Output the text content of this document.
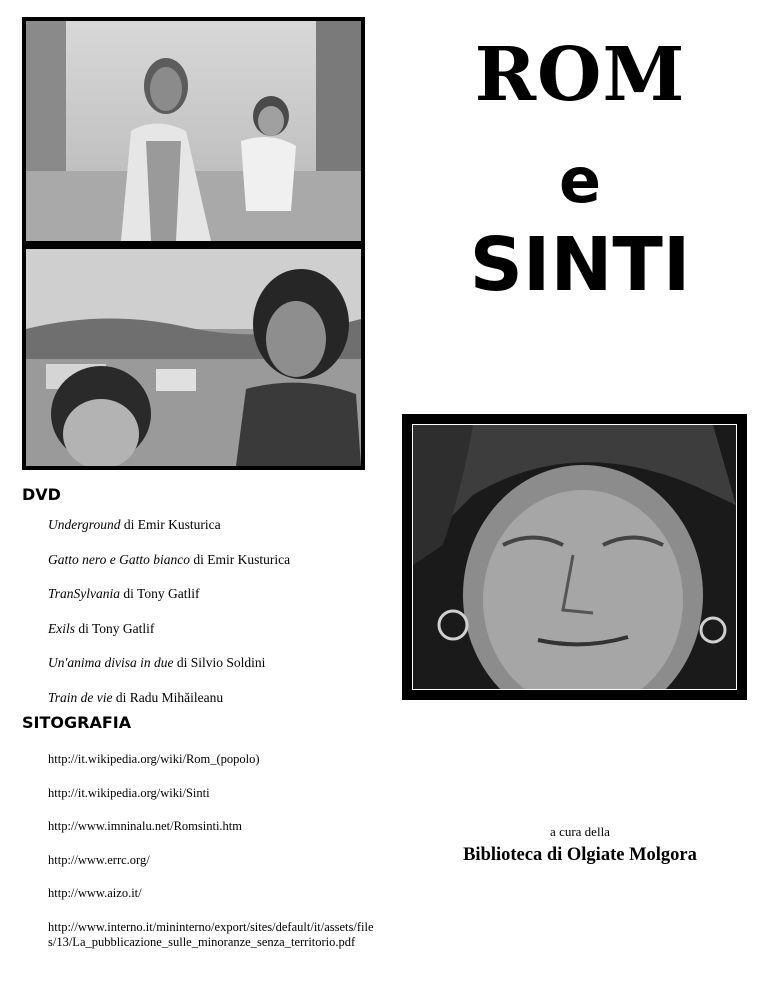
ROM
e
SINTI
DVD
Underground di Emir Kusturica
Gatto nero e Gatto bianco di Emir Kusturica
TranSylvania di Tony Gatlif
Exils di Tony Gatlif
Un'anima divisa in due di Silvio Soldini
Train de vie di Radu Mihăileanu
SITOGRAFIA
http://it.wikipedia.org/wiki/Rom_(popolo)
http://it.wikipedia.org/wiki/Sinti
http://www.imninalu.net/Romsinti.htm
http://www.errc.org/
http://www.aizo.it/
http://www.interno.it/mininterno/export/sites/default/it/assets/files/13/La_pubblicazione_sulle_minoranze_senza_territorio.pdf
a cura della
Biblioteca di Olgiate Molgora
